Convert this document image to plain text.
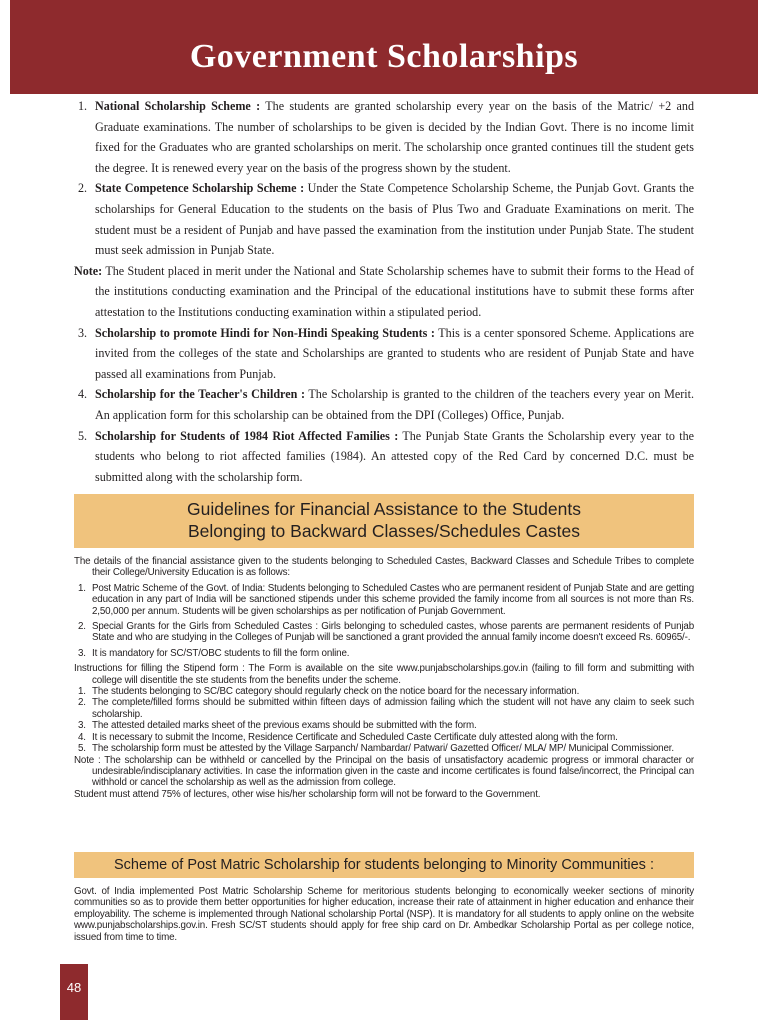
Government Scholarships

1. National Scholarship Scheme : The students are granted scholarship every year on the basis of the Matric/ +2 and Graduate examinations. The number of scholarships to be given is decided by the Indian Govt. There is no income limit fixed for the Graduates who are granted scholarships on merit. The scholarship once granted continues till the student gets the degree. It is renewed every year on the basis of the progress shown by the student.

2. State Competence Scholarship Scheme : Under the State Competence Scholarship Scheme, the Punjab Govt. Grants the scholarships for General Education to the students on the basis of Plus Two and Graduate Examinations on merit. The student must be a resident of Punjab and have passed the examination from the institution under Punjab State. The student must seek admission in Punjab State.

Note: The Student placed in merit under the National and State Scholarship schemes have to submit their forms to the Head of the institutions conducting examination and the Principal of the educational institutions have to submit these forms after attestation to the Institutions conducting examination within a stipulated period.

3. Scholarship to promote Hindi for Non-Hindi Speaking Students : This is a center sponsored Scheme. Applications are invited from the colleges of the state and Scholarships are granted to students who are resident of Punjab State and have passed all examinations from Punjab.

4. Scholarship for the Teacher's Children : The Scholarship is granted to the children of the teachers every year on Merit. An application form for this scholarship can be obtained from the DPI (Colleges) Office, Punjab.

5. Scholarship for Students of 1984 Riot Affected Families : The Punjab State Grants the Scholarship every year to the students who belong to riot affected families (1984). An attested copy of the Red Card by concerned D.C. must be submitted along with the scholarship form.

Guidelines for Financial Assistance to the Students
Belonging to Backward Classes/Schedules Castes

The details of the financial assistance given to the students belonging to Scheduled Castes, Backward Classes and Schedule Tribes to complete their College/University Education is as follows:

1. Post Matric Scheme of the Govt. of India: Students belonging to Scheduled Castes who are permanent resident of Punjab State and are getting education in any part of India will be sanctioned stipends under this scheme provided the family income from all sources is not more than Rs. 2,50,000 per annum. Students will be given scholarships as per notification of Punjab Government.

2. Special Grants for the Girls from Scheduled Castes : Girls belonging to scheduled castes, whose parents are permanent residents of Punjab State and who are studying in the Colleges of Punjab will be sanctioned a grant provided the annual family income doesn't exceed Rs. 60965/-.

3. It is mandatory for SC/ST/OBC students to fill the form online.

Instructions for filling the Stipend form : The Form is available on the site www.punjabscholarships.gov.in (failing to fill form and submitting with college will disentitle the ste students from the benefits under the scheme.

1. The students belonging to SC/BC category should regularly check on the notice board for the necessary information.

2. The complete/filled forms should be submitted within fifteen days of admission failing which the student will not have any claim to seek such scholarship.

3. The attested detailed marks sheet of the previous exams should be submitted with the form.

4. It is necessary to submit the Income, Residence Certificate and Scheduled Caste Certificate duly attested along with the form.

5. The scholarship form must be attested by the Village Sarpanch/ Nambardar/ Patwari/ Gazetted Officer/ MLA/ MP/ Municipal Commissioner.

Note : The scholarship can be withheld or cancelled by the Principal on the basis of unsatisfactory academic progress or immoral character or undesirable/indisciplanary activities. In case the information given in the caste and income certificates is found false/incorrect, the Principal can withhold or cancel the scholarship as well as the admission from college.

Student must attend 75% of lectures, other wise his/her scholarship form will not be forward to the Government.

Scheme of Post Matric Scholarship for students belonging to Minority Communities :

Govt. of India implemented Post Matric Scholarship Scheme for meritorious students belonging to economically weeker sections of minority communities so as to provide them better opportunities for higher education, increase their rate of attainment in higher education and enhance their employability. The scheme is implemented through National scholarship Portal (NSP). It is mandatory for all students to apply online on the website www.punjabscholarships.gov.in. Fresh SC/ST students should apply for free ship card on Dr. Ambedkar Scholarship Portal as per college notice, issued from time to time.

48
